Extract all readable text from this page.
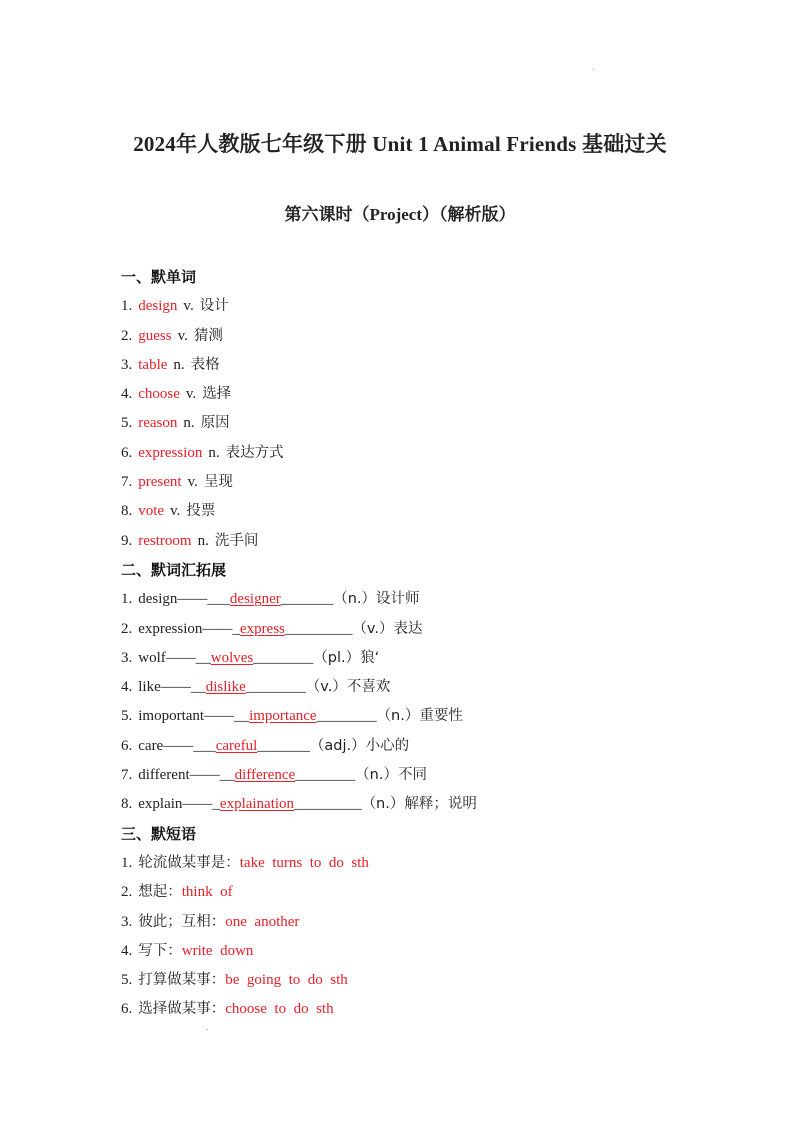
.
2024年人教版七年级下册 Unit 1 Animal Friends 基础过关
第六课时（Project）（解析版）
一、默单词
1. design v. 设计
2. guess v. 猜测
3. table n. 表格
4. choose v. 选择
5. reason n. 原因
6. expression n. 表达方式
7. present v. 呈现
8. vote v. 投票
9. restroom n. 洗手间
二、默词汇拓展
1. design——___designer_______（n.）设计师
2. expression——_express_________（v.）表达
3. wolf——__wolves________（pl.）狼‘
4. like——__dislike________（v.）不喜欢
5. imoportant——__importance________（n.）重要性
6. care——___careful_______（adj.）小心的
7. different——__difference________（n.）不同
8. explain——_explaination_________（n.）解释；说明
三、默短语
1. 轮流做某事是：take  turns  to  do  sth
2. 想起：think  of
3. 彼此；互相：one  another
4. 写下：write  down
5. 打算做某事：be  going  to  do  sth
6. 选择做某事：choose  to  do  sth
.
